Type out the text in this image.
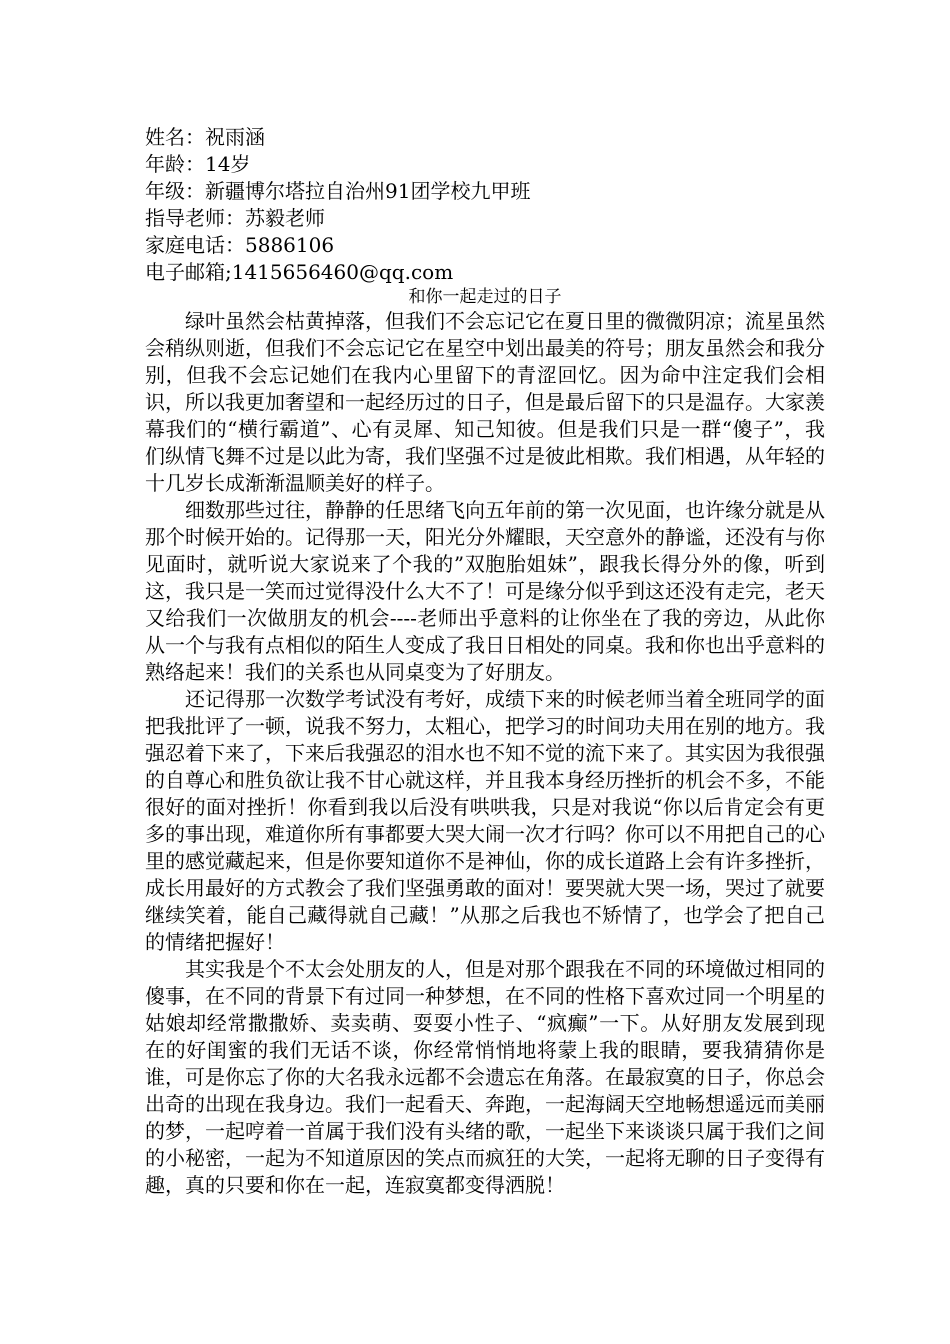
姓名：祝雨涵
年龄：14岁
年级：新疆博尔塔拉自治州91团学校九甲班
指导老师：苏毅老师
家庭电话：5886106
电子邮箱;1415656460@qq.com
和你一起走过的日子

绿叶虽然会枯黄掉落，但我们不会忘记它在夏日里的微微阴凉；流星虽然会稍纵则逝，但我们不会忘记它在星空中划出最美的符号；朋友虽然会和我分别，但我不会忘记她们在我内心里留下的青涩回忆。因为命中注定我们会相识，所以我更加奢望和一起经历过的日子，但是最后留下的只是温存。大家羡幕我们的“横行霸道”、心有灵犀、知己知彼。但是我们只是一群“傻子”，我们纵情飞舞不过是以此为寄，我们坚强不过是彼此相欺。我们相遇，从年轻的十几岁长成渐渐温顺美好的样子。

细数那些过往，静静的任思绪飞向五年前的第一次见面，也许缘分就是从那个时候开始的。记得那一天，阳光分外耀眼，天空意外的静谧，还没有与你见面时，就听说大家说来了个我的”双胞胎姐妹”，跟我长得分外的像，听到这，我只是一笑而过觉得没什么大不了！可是缘分似乎到这还没有走完，老天又给我们一次做朋友的机会----老师出乎意料的让你坐在了我的旁边，从此你从一个与我有点相似的陌生人变成了我日日相处的同桌。我和你也出乎意料的熟络起来！我们的关系也从同桌变为了好朋友。

还记得那一次数学考试没有考好，成绩下来的时候老师当着全班同学的面把我批评了一顿，说我不努力，太粗心，把学习的时间功夫用在别的地方。我强忍着下来了，下来后我强忍的泪水也不知不觉的流下来了。其实因为我很强的自尊心和胜负欲让我不甘心就这样，并且我本身经历挫折的机会不多，不能很好的面对挫折！你看到我以后没有哄哄我，只是对我说“你以后肯定会有更多的事出现，难道你所有事都要大哭大闹一次才行吗？你可以不用把自己的心里的感觉藏起来，但是你要知道你不是神仙，你的成长道路上会有许多挫折，成长用最好的方式教会了我们坚强勇敢的面对！要哭就大哭一场，哭过了就要继续笑着，能自己藏得就自己藏！”从那之后我也不矫情了，也学会了把自己的情绪把握好！

其实我是个不太会处朋友的人，但是对那个跟我在不同的环境做过相同的傻事，在不同的背景下有过同一种梦想，在不同的性格下喜欢过同一个明星的姑娘却经常撒撒娇、卖卖萌、耍耍小性子、“疯癫”一下。从好朋友发展到现在的好闺蜜的我们无话不谈，你经常悄悄地将蒙上我的眼睛，要我猜猜你是谁，可是你忘了你的大名我永远都不会遗忘在角落。在最寂寞的日子，你总会出奇的出现在我身边。我们一起看天、奔跑，一起海阔天空地畅想遥远而美丽的梦，一起哼着一首属于我们没有头绪的歌，一起坐下来谈谈只属于我们之间的小秘密，一起为不知道原因的笑点而疯狂的大笑，一起将无聊的日子变得有趣，真的只要和你在一起，连寂寞都变得洒脱！
